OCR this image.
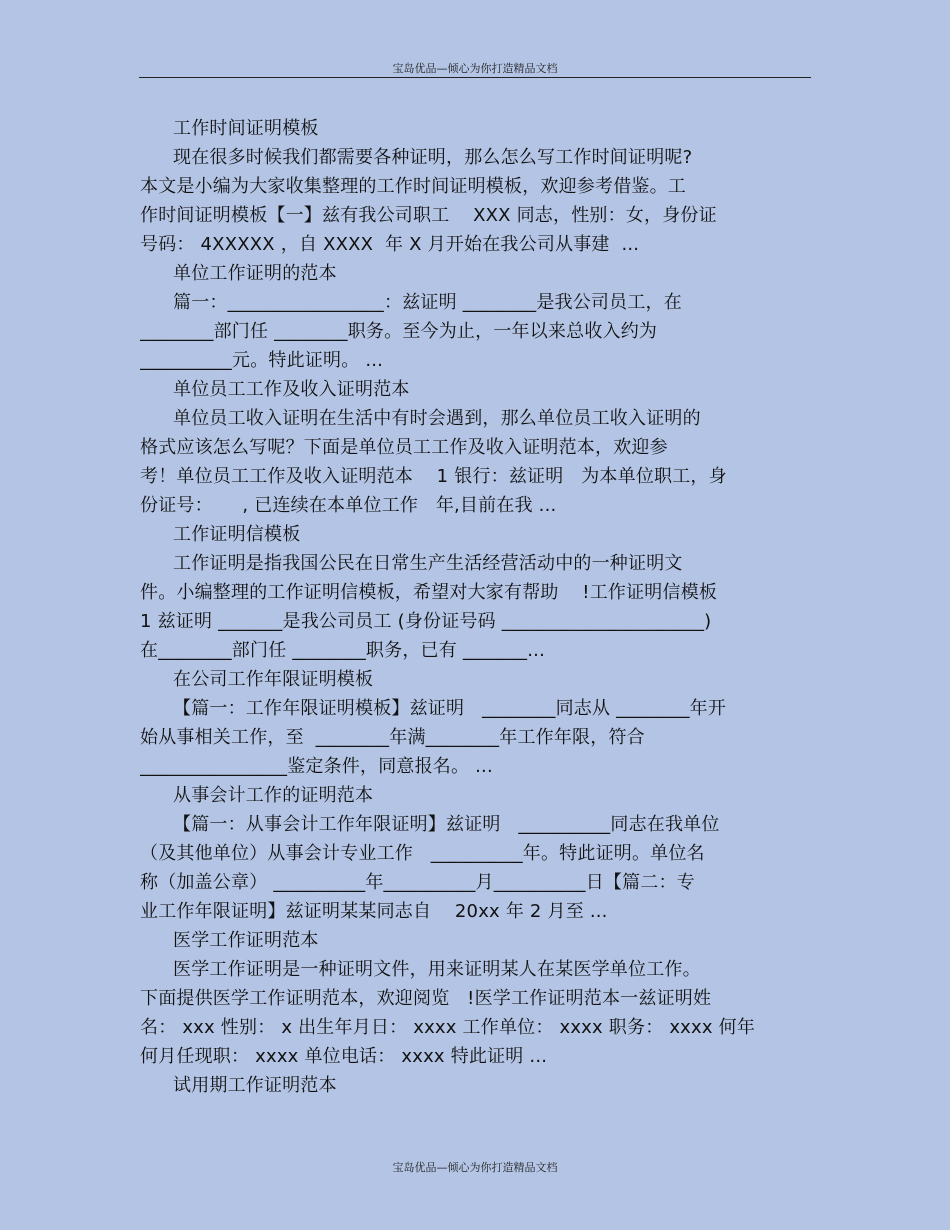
宝岛优品—倾心为你打造精品文档
工作时间证明模板
现在很多时候我们都需要各种证明，那么怎么写工作时间证明呢?
本文是小编为大家收集整理的工作时间证明模板，欢迎参考借鉴。工
作时间证明模板【一】兹有我公司职工    XXX 同志，性别：女，身份证
号码： 4XXXXX ，自 XXXX  年 X 月开始在我公司从事建  ...
单位工作证明的范本
篇一：_________________：兹证明 ________是我公司员工，在
________部门任 ________职务。至今为止，一年以来总收入约为
__________元。特此证明。 ...
单位员工工作及收入证明范本
单位员工收入证明在生活中有时会遇到，那么单位员工收入证明的
格式应该怎么写呢？下面是单位员工工作及收入证明范本，欢迎参
考！单位员工工作及收入证明范本    1 银行：兹证明   为本单位职工，身
份证号：     , 已连续在本单位工作   年,目前在我 ...
工作证明信模板
工作证明是指我国公民在日常生产生活经营活动中的一种证明文
件。小编整理的工作证明信模板，希望对大家有帮助    !工作证明信模板
1 兹证明 _______是我公司员工 (身份证号码 ______________________)
在________部门任 ________职务，已有 _______...
在公司工作年限证明模板
【篇一：工作年限证明模板】兹证明   ________同志从 ________年开
始从事相关工作，至  ________年满________年工作年限，符合
________________鉴定条件，同意报名。 ...
从事会计工作的证明范本
【篇一：从事会计工作年限证明】兹证明   __________同志在我单位
（及其他单位）从事会计专业工作   __________年。特此证明。单位名
称（加盖公章） __________年__________月__________日【篇二：专
业工作年限证明】兹证明某某同志自    20xx 年 2 月至 ...
医学工作证明范本
医学工作证明是一种证明文件，用来证明某人在某医学单位工作。
下面提供医学工作证明范本，欢迎阅览   !医学工作证明范本一兹证明姓
名： xxx 性别： x 出生年月日： xxxx 工作单位： xxxx 职务： xxxx 何年
何月任现职： xxxx 单位电话： xxxx 特此证明 ...
试用期工作证明范本
宝岛优品—倾心为你打造精品文档
